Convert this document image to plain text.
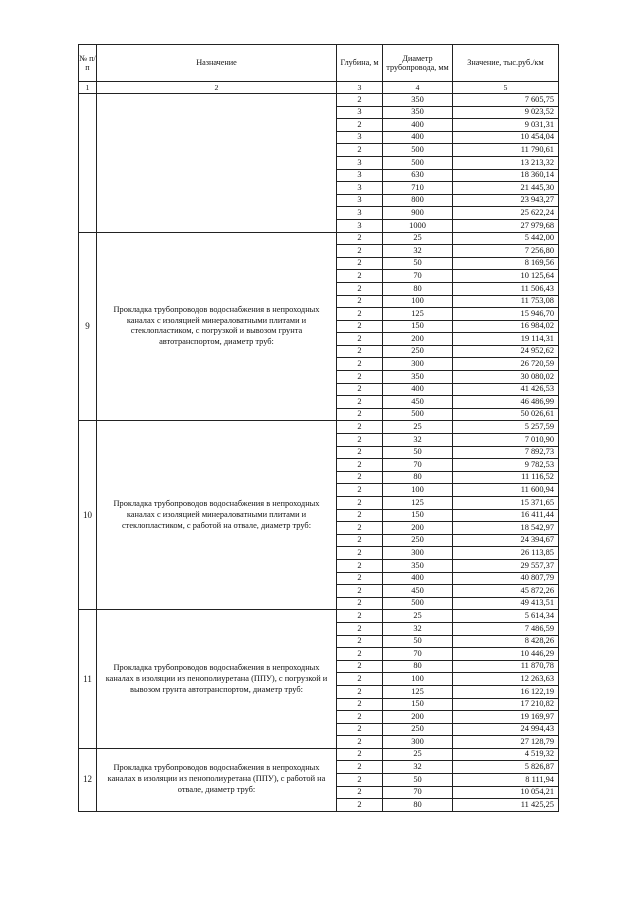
№ п/п	Назначение	Глубина, м	Диаметр трубопровода, мм	Значение, тыс.руб./км
1	2	3	4	5
		2	350	7 605,75
		3	350	9 023,52
		2	400	9 031,31
		3	400	10 454,04
		2	500	11 790,61
		3	500	13 213,32
		3	630	18 360,14
		3	710	21 445,30
		3	800	23 943,27
		3	900	25 622,24
		3	1000	27 979,68
9	Прокладка трубопроводов водоснабжения в непроходных каналах с изоляцией минераловатными плитами и стеклопластиком, с погрузкой и вывозом грунта автотранспортом, диаметр труб:	2	25	5 442,00
		2	32	7 256,80
		2	50	8 169,56
		2	70	10 125,64
		2	80	11 506,43
		2	100	11 753,08
		2	125	15 946,70
		2	150	16 984,02
		2	200	19 114,31
		2	250	24 952,62
		2	300	26 720,59
		2	350	30 080,02
		2	400	41 426,53
		2	450	46 486,99
		2	500	50 026,61
10	Прокладка трубопроводов водоснабжения в непроходных каналах с изоляцией минераловатными плитами и стеклопластиком, с работой на отвале, диаметр труб:	2	25	5 257,59
		2	32	7 010,90
		2	50	7 892,73
		2	70	9 782,53
		2	80	11 116,52
		2	100	11 600,94
		2	125	15 371,65
		2	150	16 411,44
		2	200	18 542,97
		2	250	24 394,67
		2	300	26 113,85
		2	350	29 557,37
		2	400	40 807,79
		2	450	45 872,26
		2	500	49 413,51
11	Прокладка трубопроводов водоснабжения в непроходных каналах в изоляции из пенополиуретана (ППУ), с погрузкой и вывозом грунта автотранспортом, диаметр труб:	2	25	5 614,34
		2	32	7 486,59
		2	50	8 428,26
		2	70	10 446,29
		2	80	11 870,78
		2	100	12 263,63
		2	125	16 122,19
		2	150	17 210,82
		2	200	19 169,97
		2	250	24 994,43
		2	300	27 128,79
12	Прокладка трубопроводов водоснабжения в непроходных каналах в изоляции из пенополиуретана (ППУ), с работой на отвале, диаметр труб:	2	25	4 519,32
		2	32	5 826,87
		2	50	8 111,94
		2	70	10 054,21
		2	80	11 425,25
